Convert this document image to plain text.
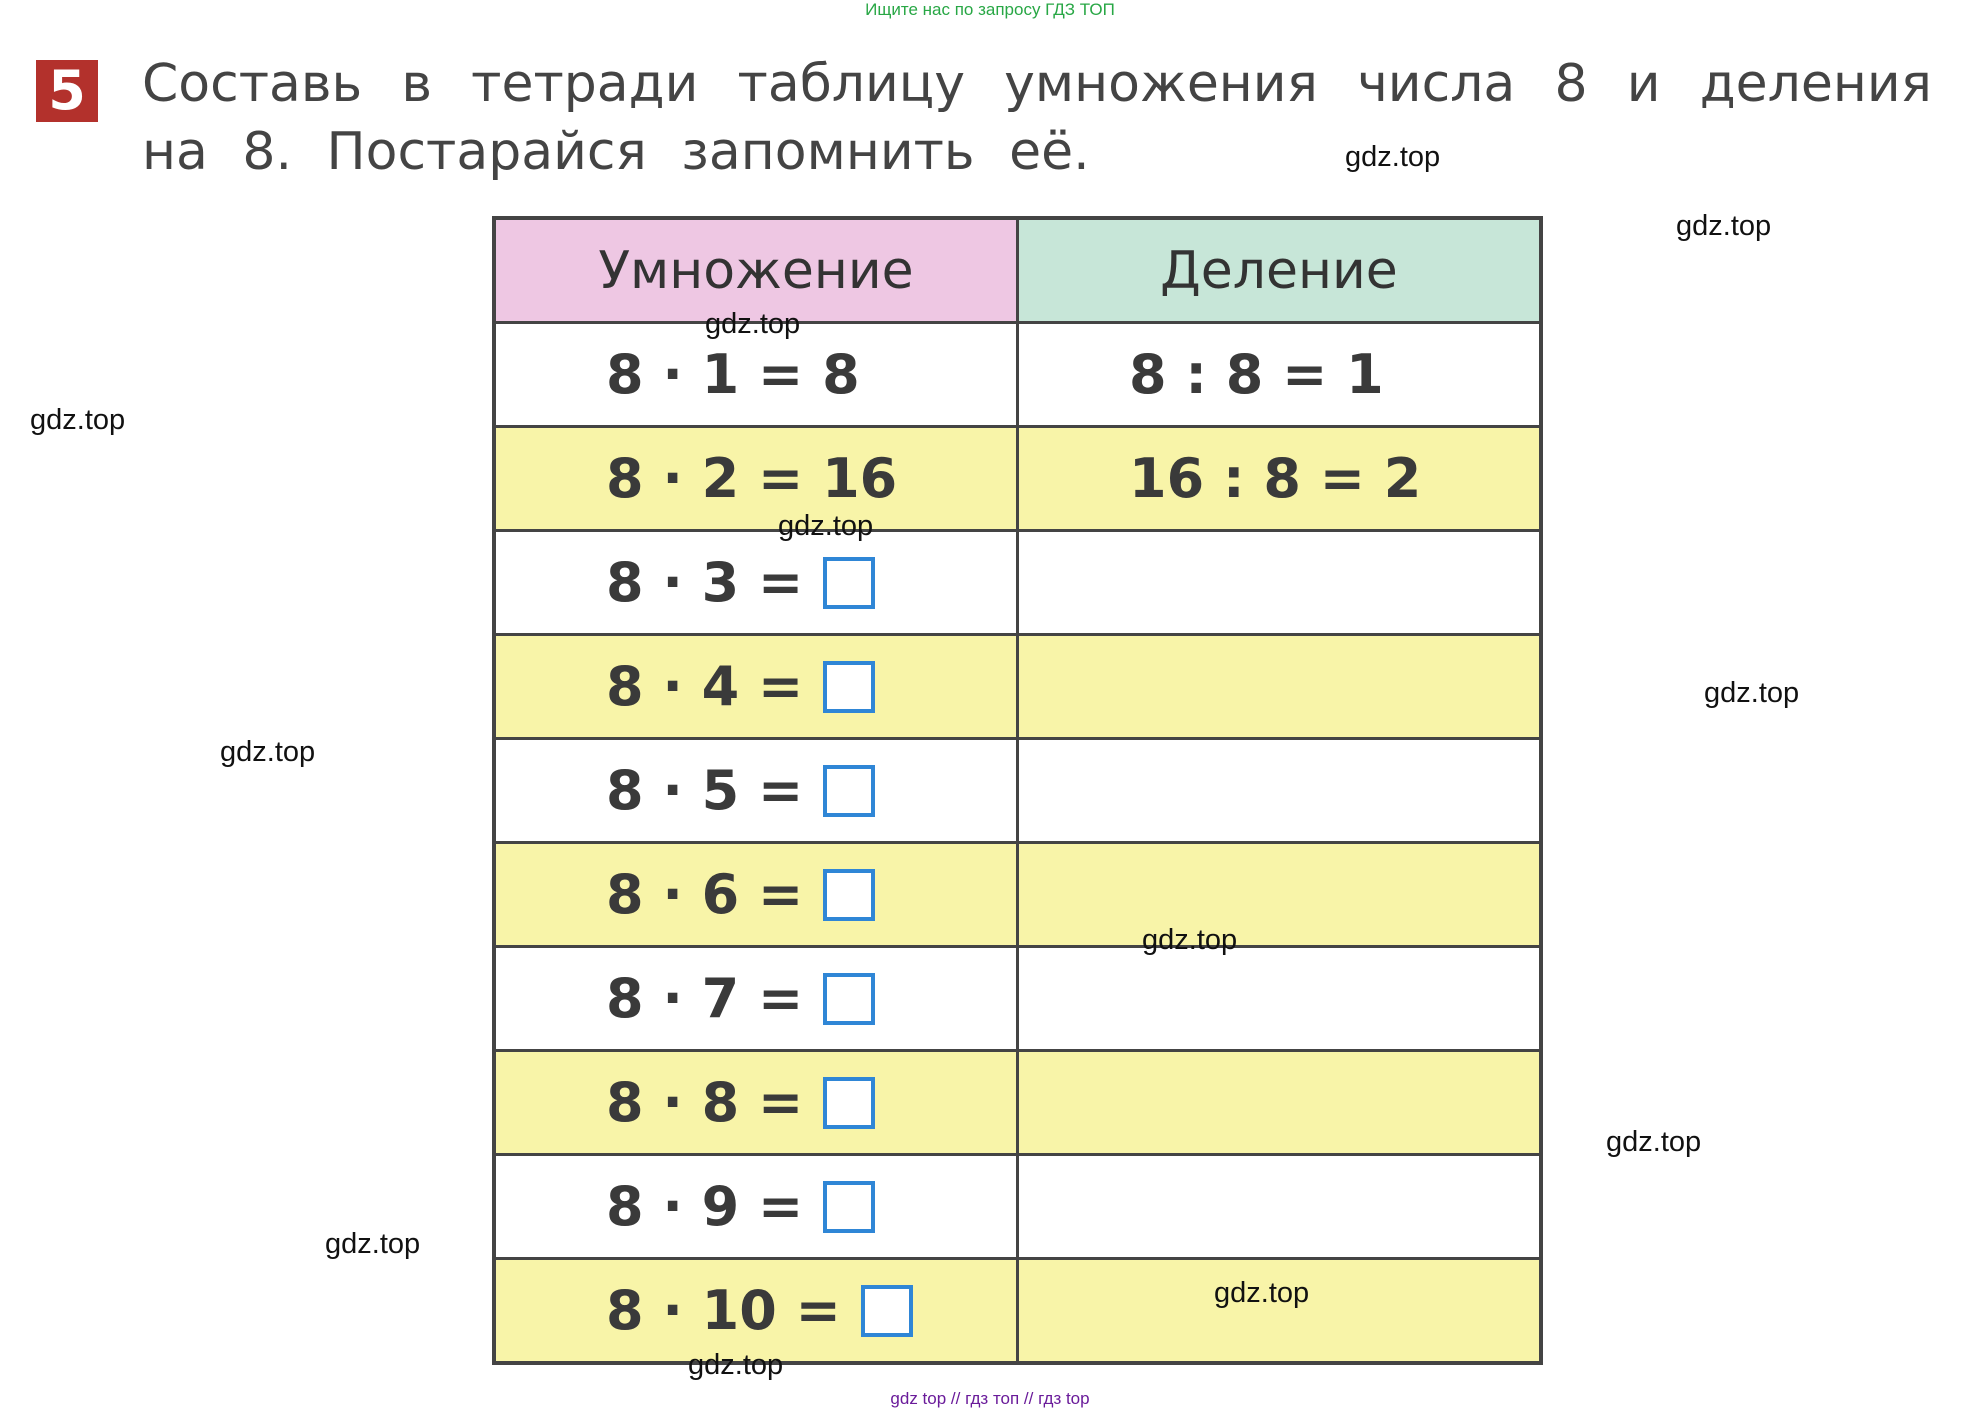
Ищите нас по запросу ГДЗ ТОП
5 Составь в тетради таблицу умножения числа 8 и деления
на 8. Постарайся запомнить её.
Умножение	Деление

8 · 1 = 8	8 : 8 = 1

8 · 2 = 16	16 : 8 = 2

8 · 3 =	

8 · 4 =	

8 · 5 =	

8 · 6 =	

8 · 7 =	

8 · 8 =	

8 · 9 =	

8 · 10 =	

gdz.top
gdz.top
gdz.top
gdz.top
gdz.top
gdz.top
gdz.top
gdz.top
gdz.top
gdz.top
gdz.top
gdz.top
gdz top // гдз топ // гдз top
